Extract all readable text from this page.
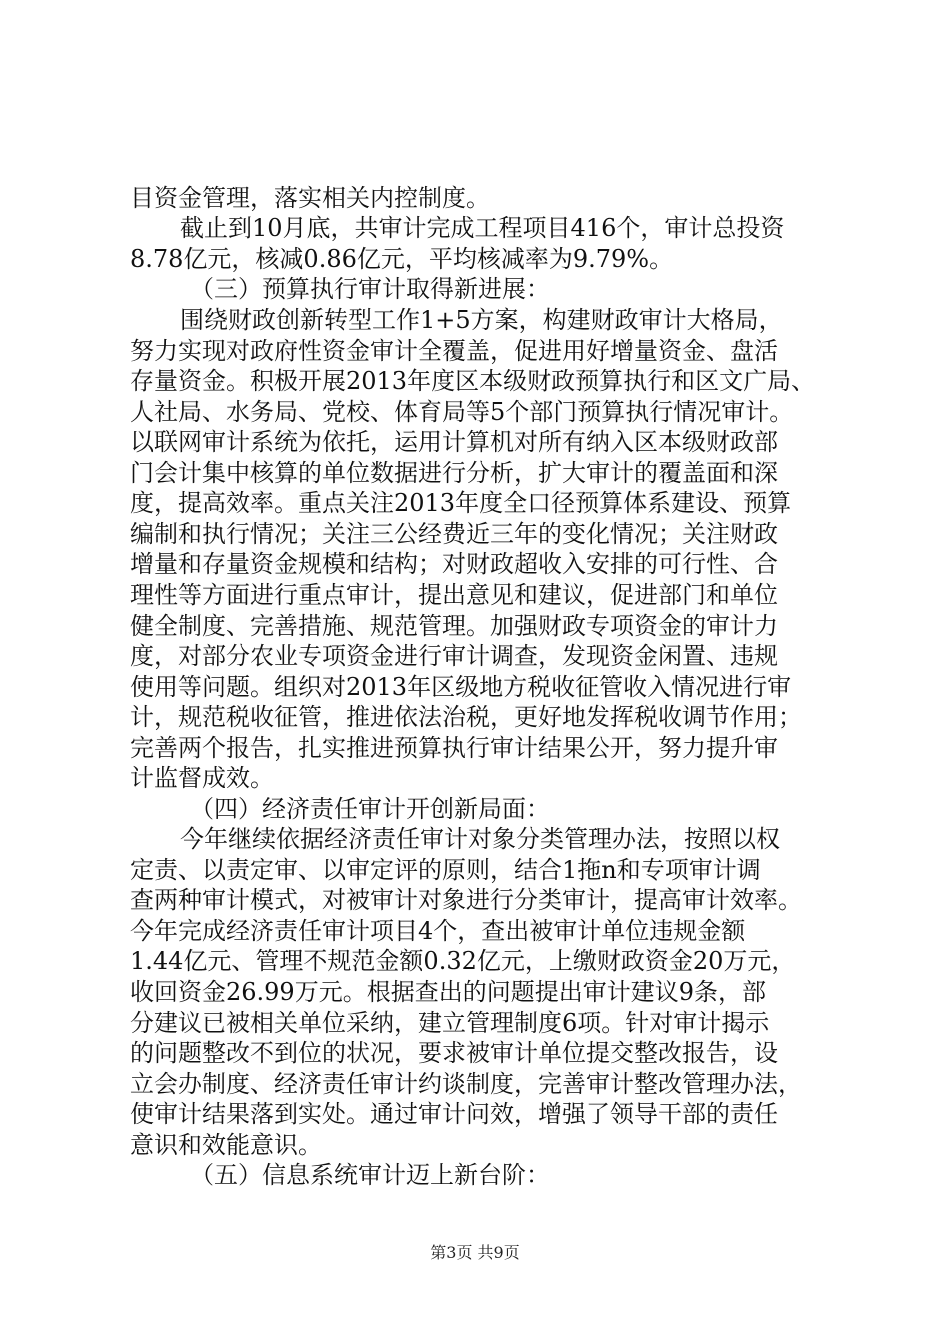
目资金管理，落实相关内控制度。
截止到10月底，共审计完成工程项目416个，审计总投资
8.78亿元，核减0.86亿元，平均核减率为9.79%。
（三）预算执行审计取得新进展：
围绕财政创新转型工作1+5方案，构建财政审计大格局，
努力实现对政府性资金审计全覆盖，促进用好增量资金、盘活
存量资金。积极开展2013年度区本级财政预算执行和区文广局、
人社局、水务局、党校、体育局等5个部门预算执行情况审计。
以联网审计系统为依托，运用计算机对所有纳入区本级财政部
门会计集中核算的单位数据进行分析，扩大审计的覆盖面和深
度，提高效率。重点关注2013年度全口径预算体系建设、预算
编制和执行情况；关注三公经费近三年的变化情况；关注财政
增量和存量资金规模和结构；对财政超收入安排的可行性、合
理性等方面进行重点审计，提出意见和建议，促进部门和单位
健全制度、完善措施、规范管理。加强财政专项资金的审计力
度，对部分农业专项资金进行审计调查，发现资金闲置、违规
使用等问题。组织对2013年区级地方税收征管收入情况进行审
计，规范税收征管，推进依法治税，更好地发挥税收调节作用；
完善两个报告，扎实推进预算执行审计结果公开，努力提升审
计监督成效。
（四）经济责任审计开创新局面：
今年继续依据经济责任审计对象分类管理办法，按照以权
定责、以责定审、以审定评的原则，结合1拖n和专项审计调
查两种审计模式，对被审计对象进行分类审计，提高审计效率。
今年完成经济责任审计项目4个，查出被审计单位违规金额
1.44亿元、管理不规范金额0.32亿元，上缴财政资金20万元，
收回资金26.99万元。根据查出的问题提出审计建议9条，部
分建议已被相关单位采纳，建立管理制度6项。针对审计揭示
的问题整改不到位的状况，要求被审计单位提交整改报告，设
立会办制度、经济责任审计约谈制度，完善审计整改管理办法，
使审计结果落到实处。通过审计问效，增强了领导干部的责任
意识和效能意识。
（五）信息系统审计迈上新台阶：
第3页 共9页
